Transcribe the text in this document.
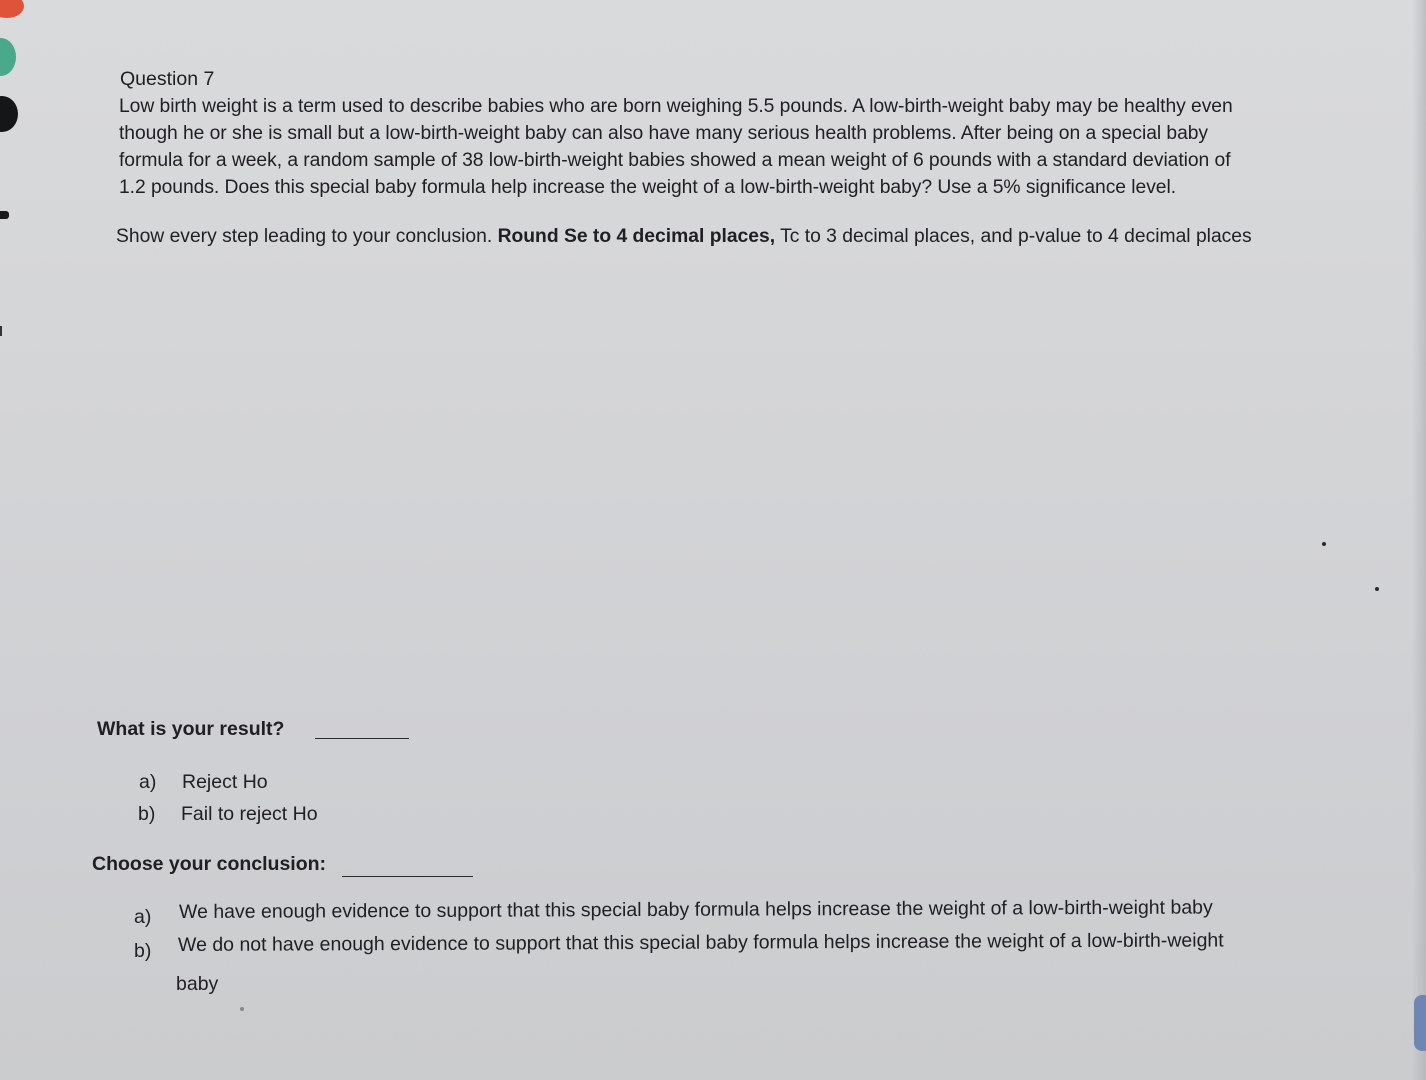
Question 7
Low birth weight is a term used to describe babies who are born weighing 5.5 pounds. A low-birth-weight baby may be healthy even
though he or she is small but a low-birth-weight baby can also have many serious health problems. After being on a special baby
formula for a week, a random sample of 38 low-birth-weight babies showed a mean weight of 6 pounds with a standard deviation of
1.2 pounds. Does this special baby formula help increase the weight of a low-birth-weight baby? Use a 5% significance level.
Show every step leading to your conclusion. Round Se to 4 decimal places, Tc to 3 decimal places, and p-value to 4 decimal places
What is your result?
a) Reject Ho
b) Fail to reject Ho
Choose your conclusion:
a) We have enough evidence to support that this special baby formula helps increase the weight of a low-birth-weight baby
b) We do not have enough evidence to support that this special baby formula helps increase the weight of a low-birth-weight
baby
